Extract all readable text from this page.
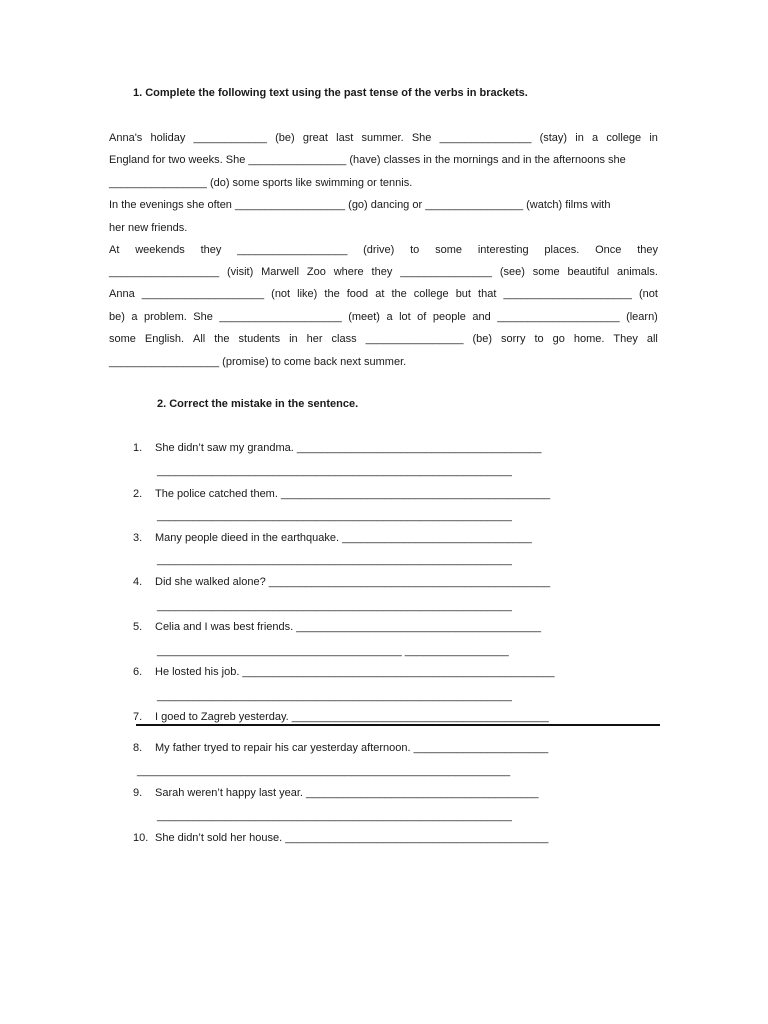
1. Complete the following text using the past tense of the verbs in brackets.
Anna's holiday ____________ (be) great last summer. She _______________ (stay) in a college in
England for two weeks. She ________________ (have) classes in the mornings and in the afternoons she
________________ (do) some sports like swimming or tennis.
In the evenings she often __________________ (go) dancing or ________________ (watch) films with
her new friends.
At weekends they __________________ (drive) to some interesting places. Once they
__________________ (visit) Marwell Zoo where they _______________ (see) some beautiful animals.
Anna ____________________ (not like) the food at the college but that _____________________ (not
be) a problem. She ____________________ (meet) a lot of people and ____________________ (learn)
some English. All the students in her class ________________ (be) sorry to go home. They all
__________________ (promise) to come back next summer.
2. Correct the mistake in the sentence.
1. She didn’t saw my grandma. ________________________________________
__________________________________________________________
2. The police catched them. ____________________________________________
__________________________________________________________
3. Many people dieed in the earthquake. _______________________________
__________________________________________________________
4. Did she walked alone? ______________________________________________
__________________________________________________________
5. Celia and I was best friends. ________________________________________
________________________________________ _________________
6. He losted his job. ___________________________________________________
__________________________________________________________
7. I goed to Zagreb yesterday. __________________________________________
8. My father tryed to repair his car yesterday afternoon. ______________________
_____________________________________________________________
9. Sarah weren’t happy last year. ______________________________________
__________________________________________________________
10. She didn’t sold her house. ___________________________________________
